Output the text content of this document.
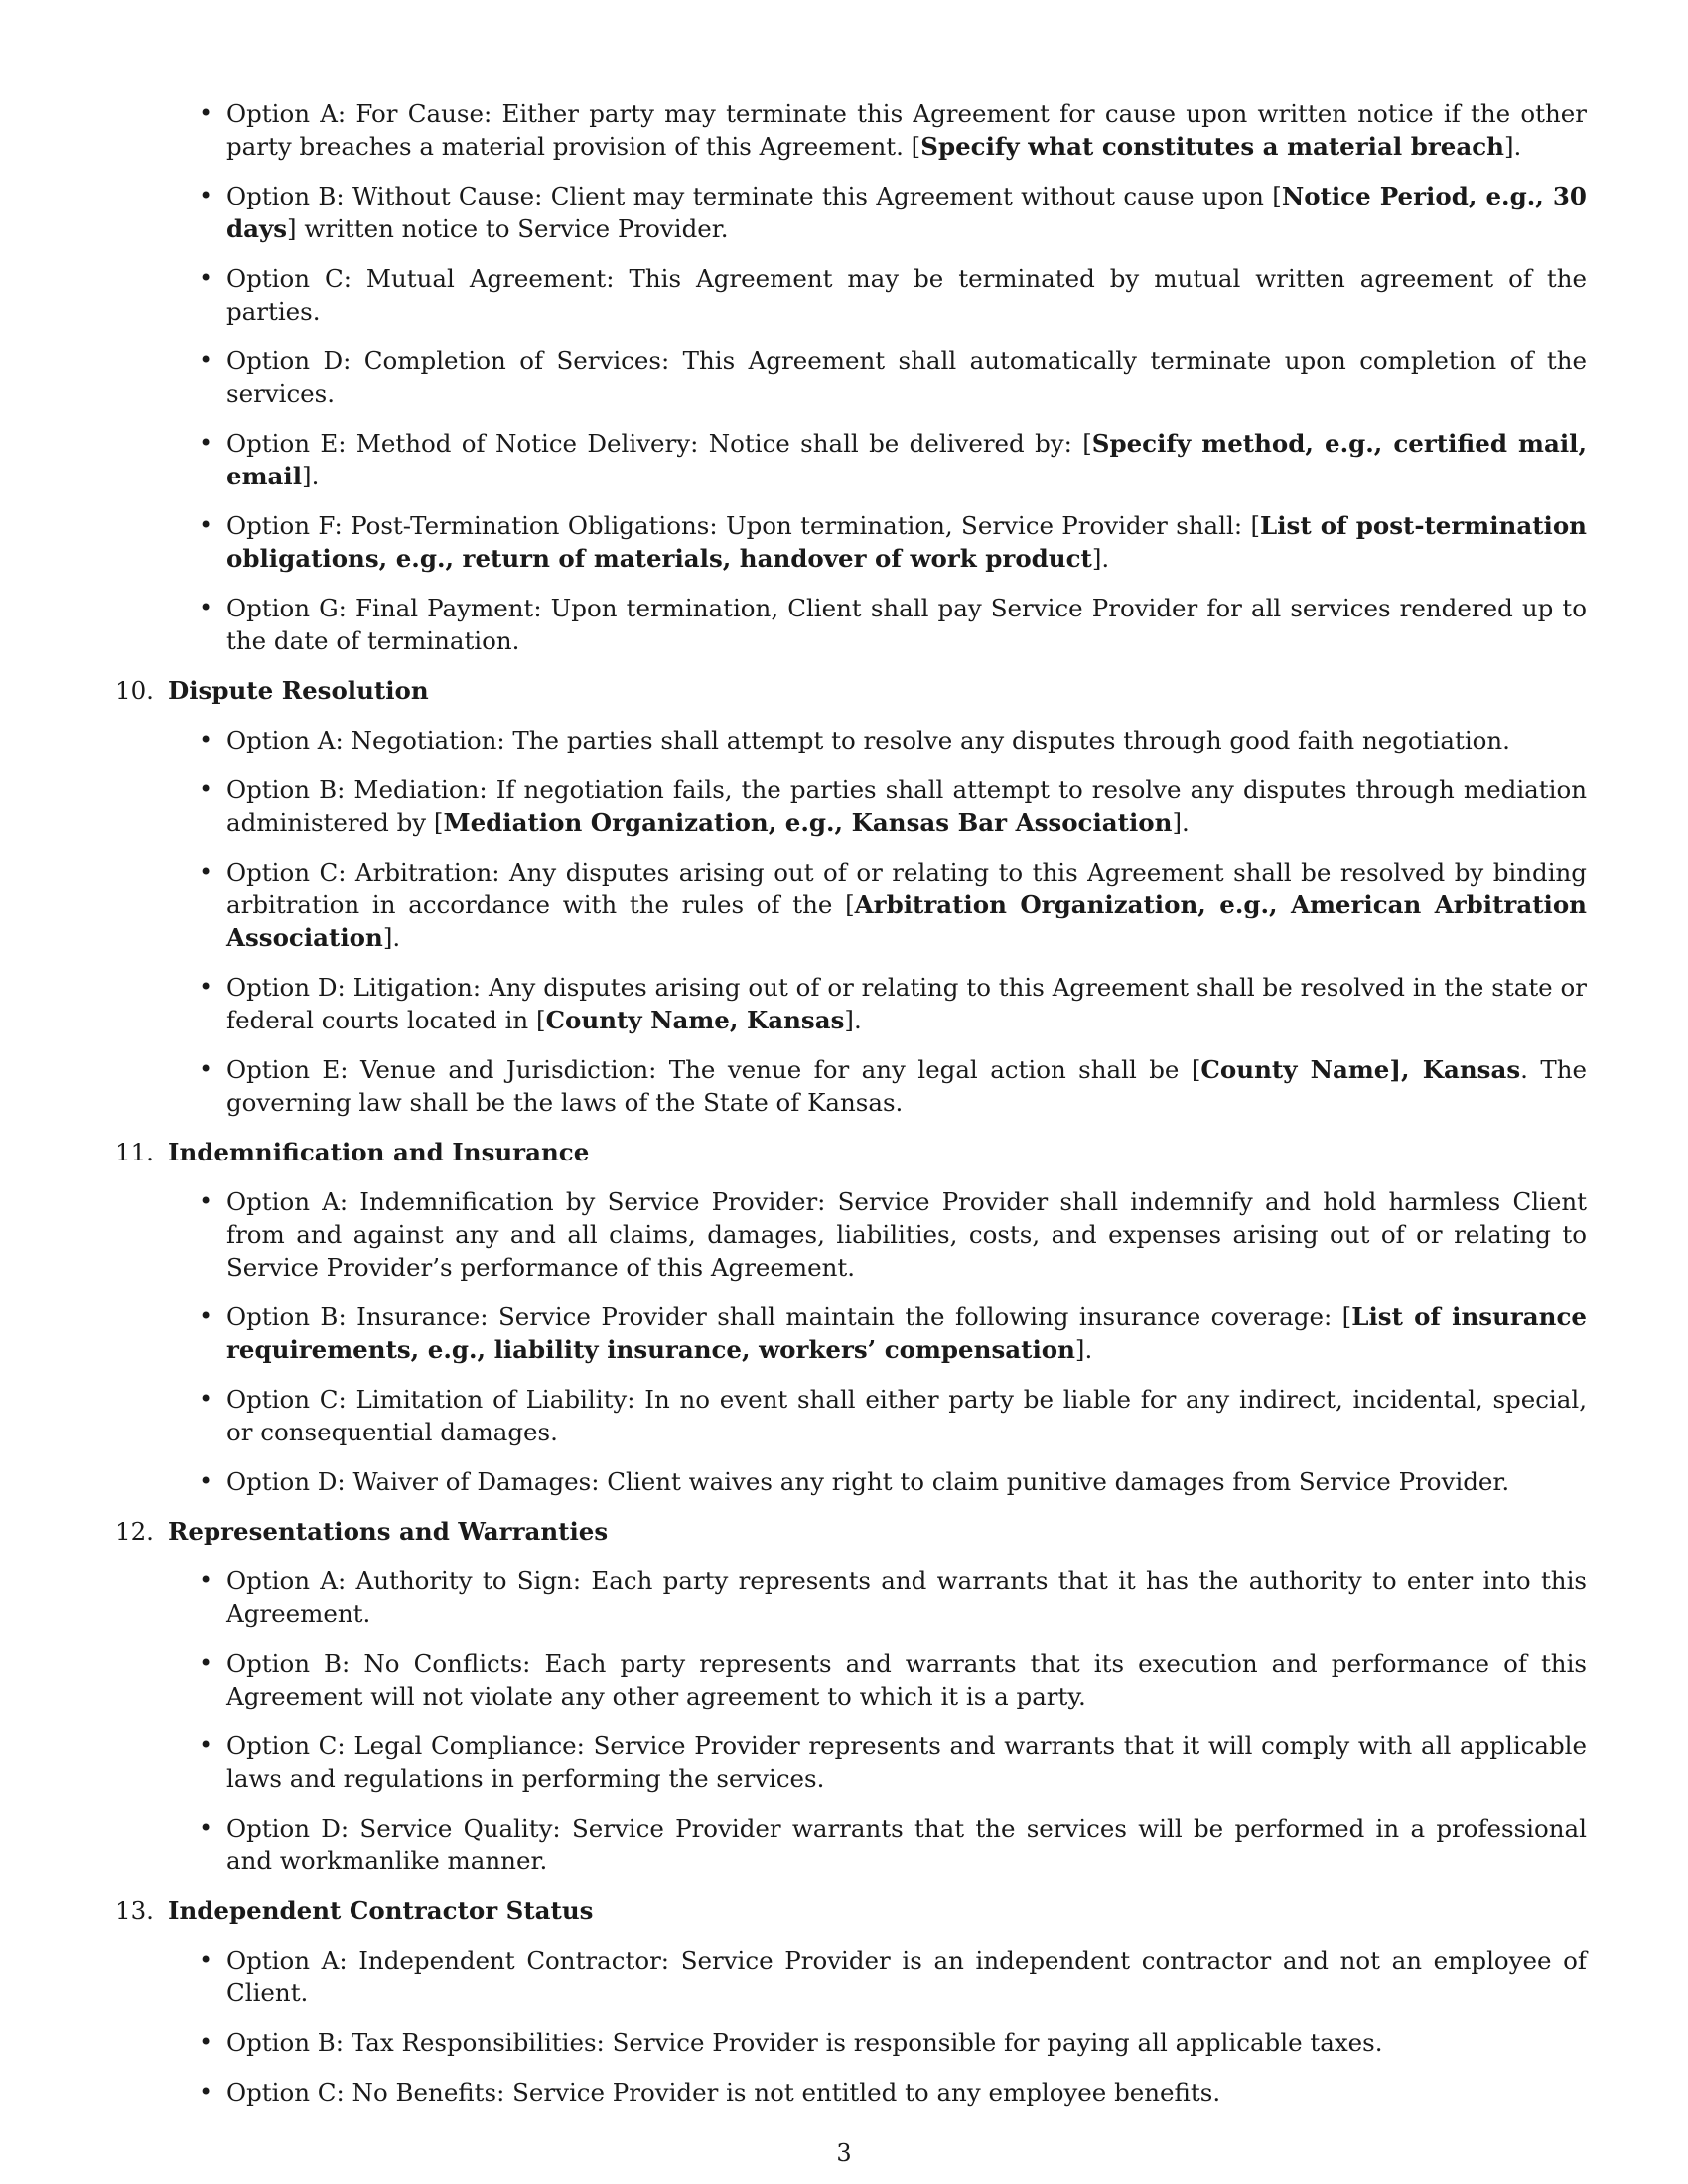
• Option A: For Cause: Either party may terminate this Agreement for cause upon written notice if the other party breaches a material provision of this Agreement. [Specify what constitutes a material breach].
• Option B: Without Cause: Client may terminate this Agreement without cause upon [Notice Period, e.g., 30 days] written notice to Service Provider.
• Option C: Mutual Agreement: This Agreement may be terminated by mutual written agreement of the parties.
• Option D: Completion of Services: This Agreement shall automatically terminate upon completion of the services.
• Option E: Method of Notice Delivery: Notice shall be delivered by: [Specify method, e.g., certified mail, email].
• Option F: Post-Termination Obligations: Upon termination, Service Provider shall: [List of post-termination obligations, e.g., return of materials, handover of work product].
• Option G: Final Payment: Upon termination, Client shall pay Service Provider for all services rendered up to the date of termination.
10. Dispute Resolution
• Option A: Negotiation: The parties shall attempt to resolve any disputes through good faith negotiation.
• Option B: Mediation: If negotiation fails, the parties shall attempt to resolve any disputes through mediation administered by [Mediation Organization, e.g., Kansas Bar Association].
• Option C: Arbitration: Any disputes arising out of or relating to this Agreement shall be resolved by binding arbitration in accordance with the rules of the [Arbitration Organization, e.g., American Arbitration Association].
• Option D: Litigation: Any disputes arising out of or relating to this Agreement shall be resolved in the state or federal courts located in [County Name, Kansas].
• Option E: Venue and Jurisdiction: The venue for any legal action shall be [County Name], Kansas. The governing law shall be the laws of the State of Kansas.
11. Indemnification and Insurance
• Option A: Indemnification by Service Provider: Service Provider shall indemnify and hold harmless Client from and against any and all claims, damages, liabilities, costs, and expenses arising out of or relating to Service Provider’s performance of this Agreement.
• Option B: Insurance: Service Provider shall maintain the following insurance coverage: [List of insurance requirements, e.g., liability insurance, workers’ compensation].
• Option C: Limitation of Liability: In no event shall either party be liable for any indirect, incidental, special, or consequential damages.
• Option D: Waiver of Damages: Client waives any right to claim punitive damages from Service Provider.
12. Representations and Warranties
• Option A: Authority to Sign: Each party represents and warrants that it has the authority to enter into this Agreement.
• Option B: No Conflicts: Each party represents and warrants that its execution and performance of this Agreement will not violate any other agreement to which it is a party.
• Option C: Legal Compliance: Service Provider represents and warrants that it will comply with all applicable laws and regulations in performing the services.
• Option D: Service Quality: Service Provider warrants that the services will be performed in a professional and workmanlike manner.
13. Independent Contractor Status
• Option A: Independent Contractor: Service Provider is an independent contractor and not an employee of Client.
• Option B: Tax Responsibilities: Service Provider is responsible for paying all applicable taxes.
• Option C: No Benefits: Service Provider is not entitled to any employee benefits.
3
